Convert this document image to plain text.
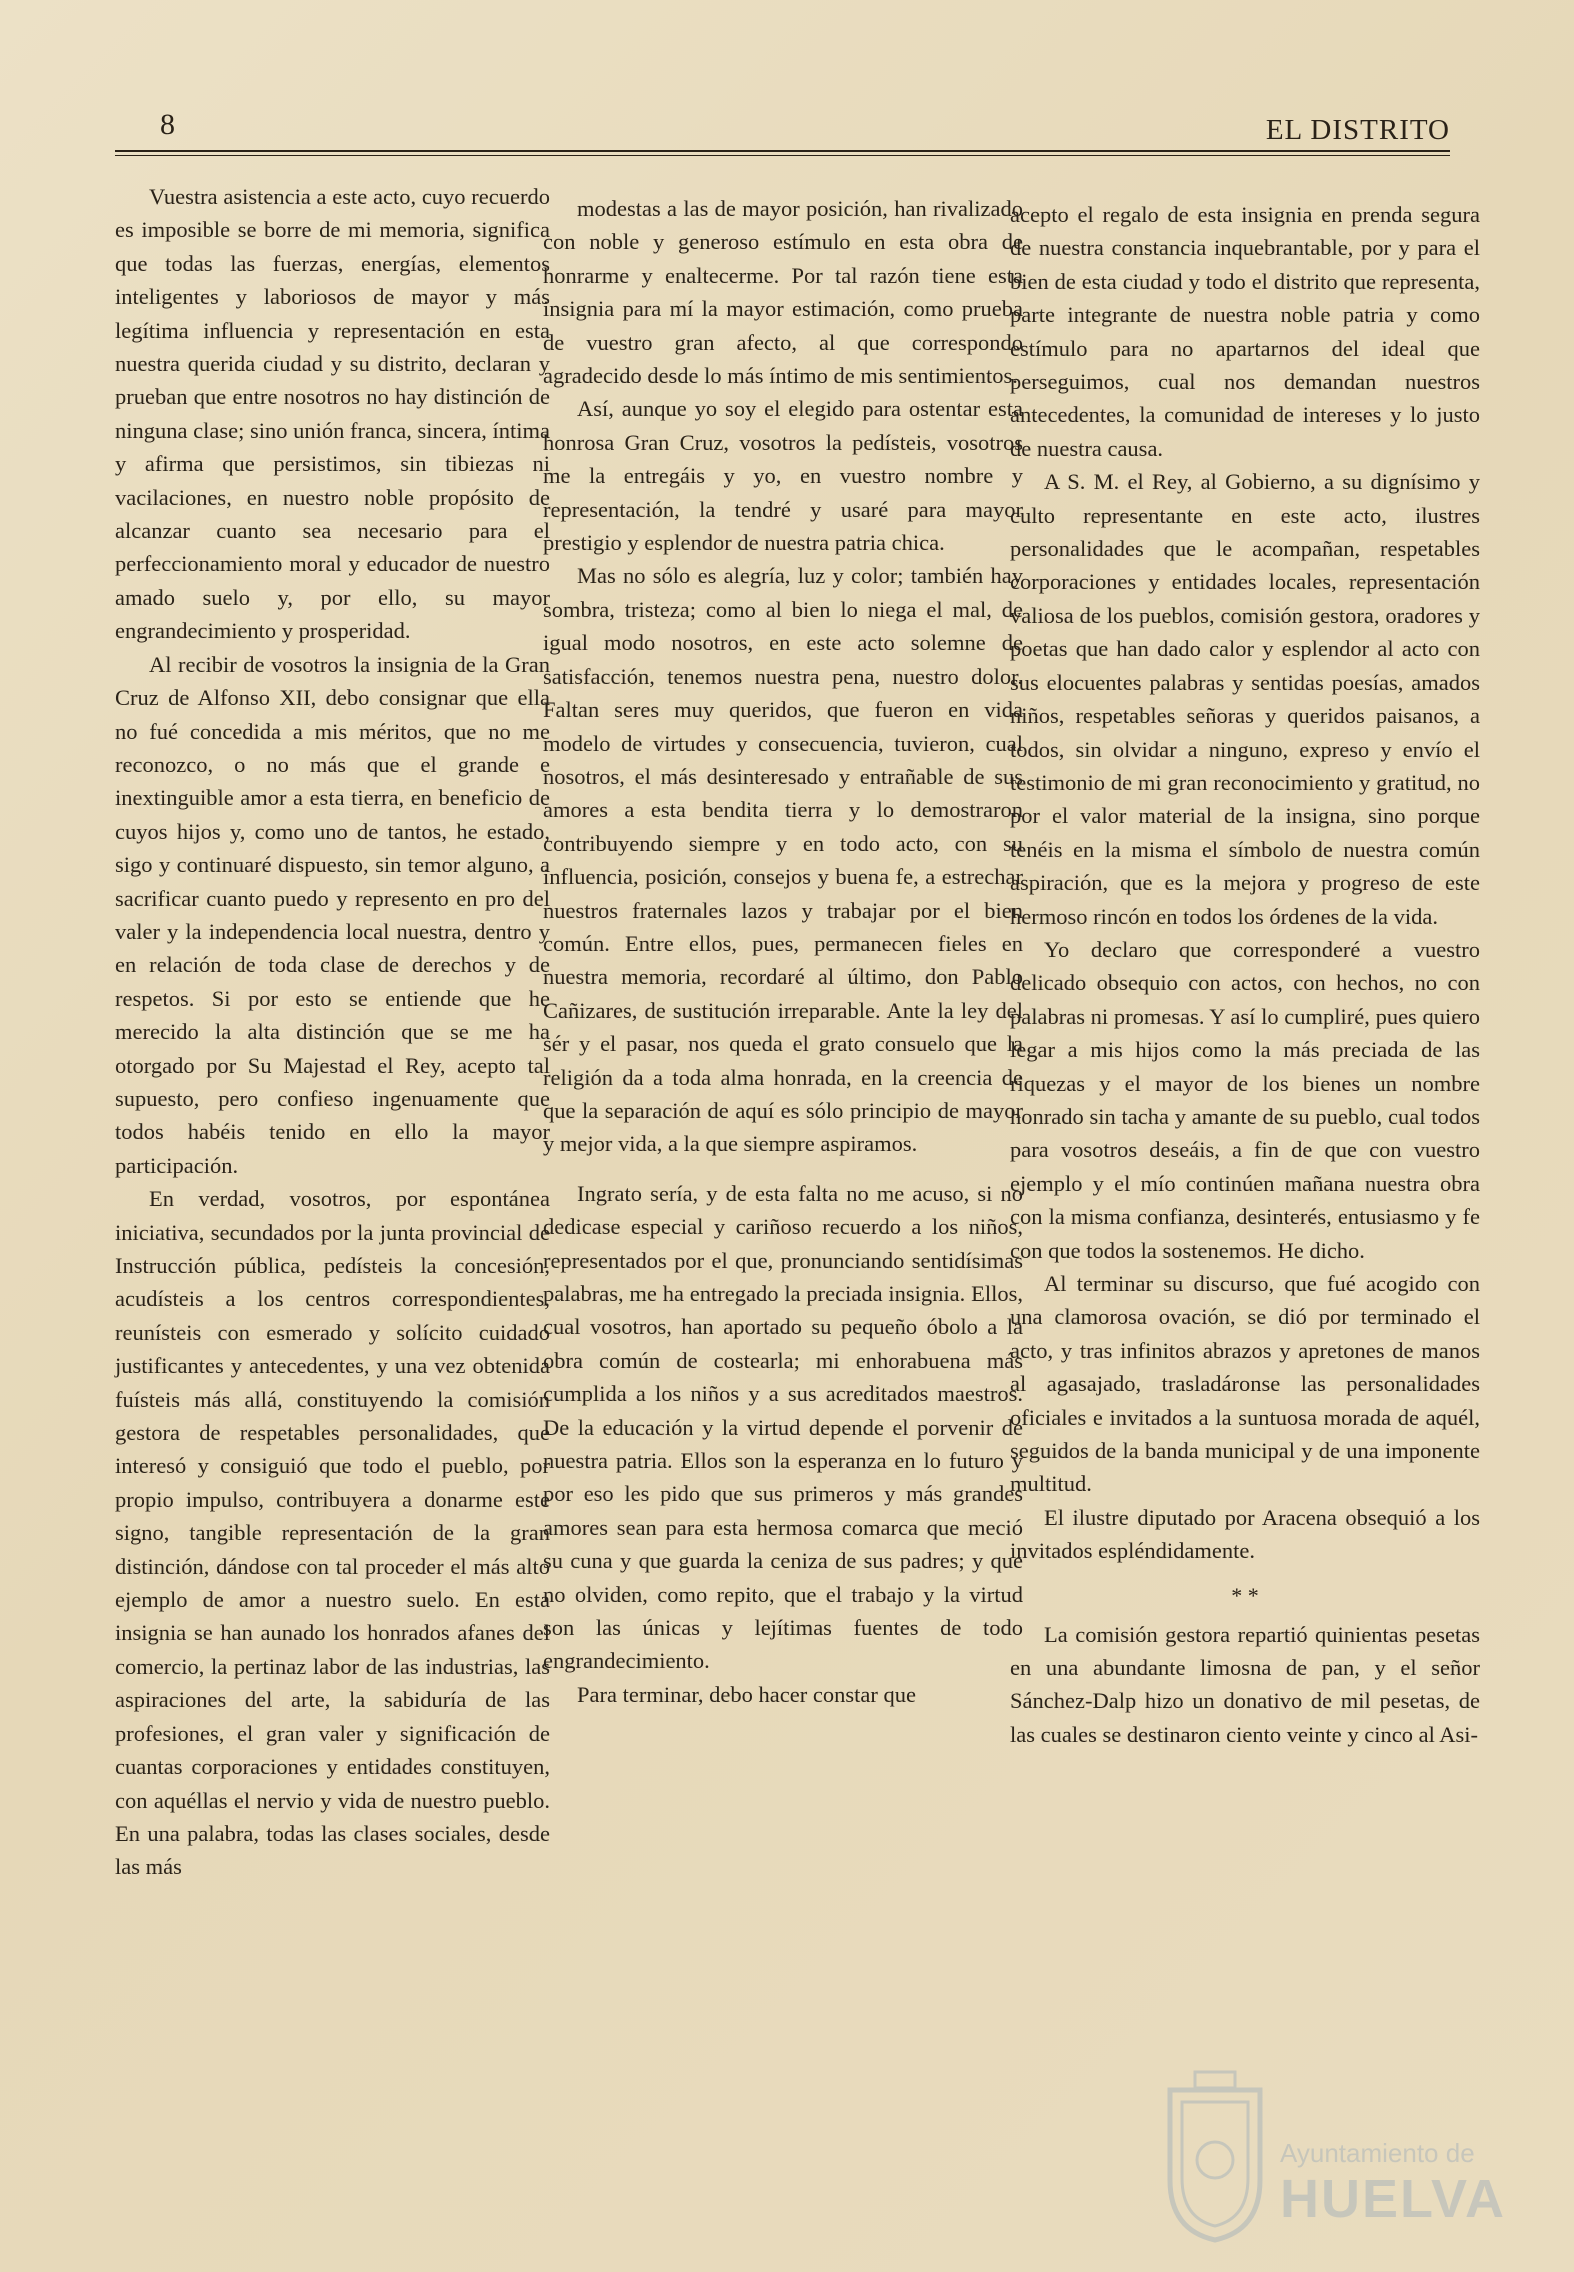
8	EL DISTRITO

Vuestra asistencia a este acto, cuyo recuerdo es imposible se borre de mi memoria, significa que todas las fuerzas, energías, elementos inteligentes y laboriosos de mayor y más legítima influencia y representación en esta nuestra querida ciudad y su distrito, declaran y prueban que entre nosotros no hay distinción de ninguna clase; sino unión franca, sincera, íntima y afirma que persistimos, sin tibiezas ni vacilaciones, en nuestro noble propósito de alcanzar cuanto sea necesario para el perfeccionamiento moral y educador de nuestro amado suelo y, por ello, su mayor engrandecimiento y prosperidad.

Al recibir de vosotros la insignia de la Gran Cruz de Alfonso XII, debo consignar que ella no fué concedida a mis méritos, que no me reconozco, o no más que el grande e inextinguible amor a esta tierra, en beneficio de cuyos hijos y, como uno de tantos, he estado, sigo y continuaré dispuesto, sin temor alguno, a sacrificar cuanto puedo y represento en pro del valer y la independencia local nuestra, dentro y en relación de toda clase de derechos y de respetos. Si por esto se entiende que he merecido la alta distinción que se me ha otorgado por Su Majestad el Rey, acepto tal supuesto, pero confieso ingenuamente que todos habéis tenido en ello la mayor participación.

En verdad, vosotros, por espontánea iniciativa, secundados por la junta provincial de Instrucción pública, pedísteis la concesión, acudísteis a los centros correspondientes, reunísteis con esmerado y solícito cuidado justificantes y antecedentes, y una vez obtenida fuísteis más allá, constituyendo la comisión gestora de respetables personalidades, que interesó y consiguió que todo el pueblo, por propio impulso, contribuyera a donarme este signo, tangible representación de la gran distinción, dándose con tal proceder el más alto ejemplo de amor a nuestro suelo. En esta insignia se han aunado los honrados afanes del comercio, la pertinaz labor de las industrias, las aspiraciones del arte, la sabiduría de las profesiones, el gran valer y significación de cuantas corporaciones y entidades constituyen, con aquéllas el nervio y vida de nuestro pueblo. En una palabra, todas las clases sociales, desde las más

modestas a las de mayor posición, han rivalizado con noble y generoso estímulo en esta obra de honrarme y enaltecerme. Por tal razón tiene esta insignia para mí la mayor estimación, como prueba de vuestro gran afecto, al que correspondo agradecido desde lo más íntimo de mis sentimientos.

Así, aunque yo soy el elegido para ostentar esta honrosa Gran Cruz, vosotros la pedísteis, vosotros me la entregáis y yo, en vuestro nombre y representación, la tendré y usaré para mayor prestigio y esplendor de nuestra patria chica.

Mas no sólo es alegría, luz y color; también hay sombra, tristeza; como al bien lo niega el mal, de igual modo nosotros, en este acto solemne de satisfacción, tenemos nuestra pena, nuestro dolor. Faltan seres muy queridos, que fueron en vida modelo de virtudes y consecuencia, tuvieron, cual nosotros, el más desinteresado y entrañable de sus amores a esta bendita tierra y lo demostraron contribuyendo siempre y en todo acto, con su influencia, posición, consejos y buena fe, a estrechar nuestros fraternales lazos y trabajar por el bien común. Entre ellos, pues, permanecen fieles en nuestra memoria, recordaré al último, don Pablo Cañizares, de sustitución irreparable. Ante la ley del sér y el pasar, nos queda el grato consuelo que la religión da a toda alma honrada, en la creencia de que la separación de aquí es sólo principio de mayor y mejor vida, a la que siempre aspiramos.

Ingrato sería, y de esta falta no me acuso, si no dedicase especial y cariñoso recuerdo a los niños, representados por el que, pronunciando sentidísimas palabras, me ha entregado la preciada insignia. Ellos, cual vosotros, han aportado su pequeño óbolo a la obra común de costearla; mi enhorabuena más cumplida a los niños y a sus acreditados maestros. De la educación y la virtud depende el porvenir de nuestra patria. Ellos son la esperanza en lo futuro y por eso les pido que sus primeros y más grandes amores sean para esta hermosa comarca que meció su cuna y que guarda la ceniza de sus padres; y que no olviden, como repito, que el trabajo y la virtud son las únicas y lejítimas fuentes de todo engrandecimiento.

Para terminar, debo hacer constar que

acepto el regalo de esta insignia en prenda segura de nuestra constancia inquebrantable, por y para el bien de esta ciudad y todo el distrito que representa, parte integrante de nuestra noble patria y como estímulo para no apartarnos del ideal que perseguimos, cual nos demandan nuestros antecedentes, la comunidad de intereses y lo justo de nuestra causa.

A S. M. el Rey, al Gobierno, a su dignísimo y culto representante en este acto, ilustres personalidades que le acompañan, respetables corporaciones y entidades locales, representación valiosa de los pueblos, comisión gestora, oradores y poetas que han dado calor y esplendor al acto con sus elocuentes palabras y sentidas poesías, amados niños, respetables señoras y queridos paisanos, a todos, sin olvidar a ninguno, expreso y envío el testimonio de mi gran reconocimiento y gratitud, no por el valor material de la insigna, sino porque tenéis en la misma el símbolo de nuestra común aspiración, que es la mejora y progreso de este hermoso rincón en todos los órdenes de la vida.

Yo declaro que corresponderé a vuestro delicado obsequio con actos, con hechos, no con palabras ni promesas. Y así lo cumpliré, pues quiero legar a mis hijos como la más preciada de las riquezas y el mayor de los bienes un nombre honrado sin tacha y amante de su pueblo, cual todos para vosotros deseáis, a fin de que con vuestro ejemplo y el mío continúen mañana nuestra obra con la misma confianza, desinterés, entusiasmo y fe con que todos la sostenemos. He dicho.

Al terminar su discurso, que fué acogido con una clamorosa ovación, se dió por terminado el acto, y tras infinitos abrazos y apretones de manos al agasajado, trasladáronse las personalidades oficiales e invitados a la suntuosa morada de aquél, seguidos de la banda municipal y de una imponente multitud.

El ilustre diputado por Aracena obsequió a los invitados espléndidamente.

* *

La comisión gestora repartió quinientas pesetas en una abundante limosna de pan, y el señor Sánchez-Dalp hizo un donativo de mil pesetas, de las cuales se destinaron ciento veinte y cinco al Asi-

Ayuntamiento de
HUELVA
